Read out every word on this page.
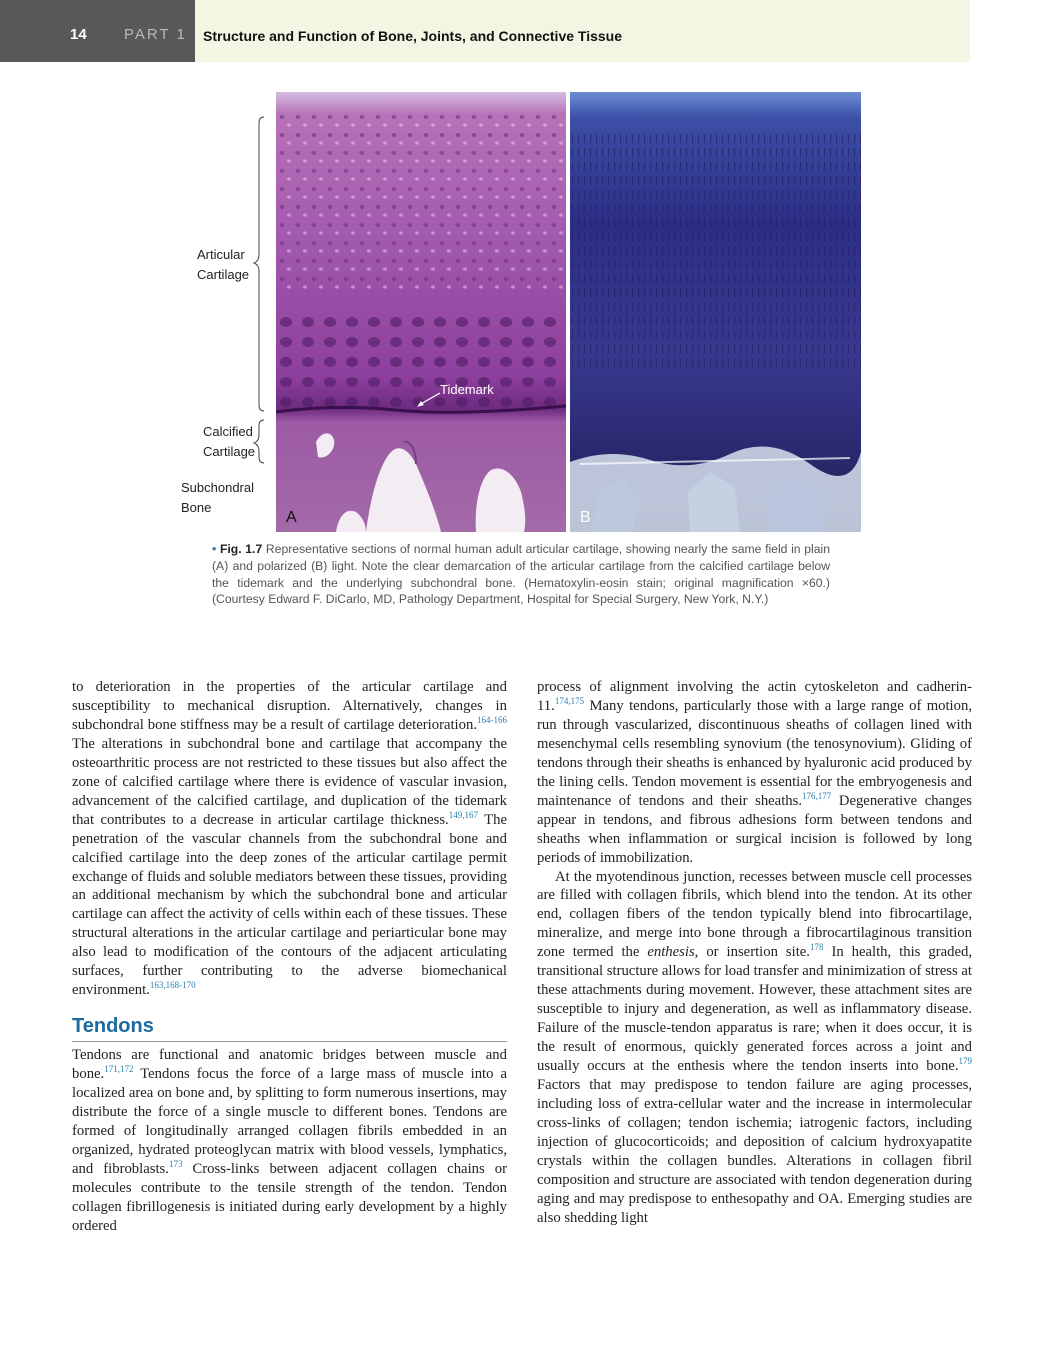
14 PART 1 Structure and Function of Bone, Joints, and Connective Tissue
A	B
Articular
Cartilage
Calcified
Cartilage
Subchondral
Bone
Tidemark
• Fig. 1.7 Representative sections of normal human adult articular cartilage, showing nearly the same field in plain (A) and polarized (B) light. Note the clear demarcation of the articular cartilage from the calcified cartilage below the tidemark and the underlying subchondral bone. (Hematoxylin-eosin stain; original magnification ×60.) (Courtesy Edward F. DiCarlo, MD, Pathology Department, Hospital for Special Surgery, New York, N.Y.)

to deterioration in the properties of the articular cartilage and susceptibility to mechanical disruption. Alternatively, changes in subchondral bone stiffness may be a result of cartilage deterioration.$^{164-166}$ The alterations in subchondral bone and cartilage that accompany the osteoarthritic process are not restricted to these tissues but also affect the zone of calcified cartilage where there is evidence of vascular invasion, advancement of the calcified cartilage, and duplication of the tidemark that contributes to a decrease in articular cartilage thickness.$^{149,167}$ The penetration of the vascular channels from the subchondral bone and calcified cartilage into the deep zones of the articular cartilage permit exchange of fluids and soluble mediators between these tissues, providing an additional mechanism by which the subchondral bone and articular cartilage can affect the activity of cells within each of these tissues. These structural alterations in the articular cartilage and periarticular bone may also lead to modification of the contours of the adjacent articulating surfaces, further contributing to the adverse biomechanical environment.$^{163,168-170}$

Tendons

Tendons are functional and anatomic bridges between muscle and bone.$^{171,172}$ Tendons focus the force of a large mass of muscle into a localized area on bone and, by splitting to form numerous insertions, may distribute the force of a single muscle to different bones. Tendons are formed of longitudinally arranged collagen fibrils embedded in an organized, hydrated proteoglycan matrix with blood vessels, lymphatics, and fibroblasts.$^{173}$ Cross-links between adjacent collagen chains or molecules contribute to the tensile strength of the tendon. Tendon collagen fibrillogenesis is initiated during early development by a highly ordered

process of alignment involving the actin cytoskeleton and cadherin-11.$^{174,175}$ Many tendons, particularly those with a large range of motion, run through vascularized, discontinuous sheaths of collagen lined with mesenchymal cells resembling synovium (the tenosynovium). Gliding of tendons through their sheaths is enhanced by hyaluronic acid produced by the lining cells. Tendon movement is essential for the embryogenesis and maintenance of tendons and their sheaths.$^{176,177}$ Degenerative changes appear in tendons, and fibrous adhesions form between tendons and sheaths when inflammation or surgical incision is followed by long periods of immobilization.

At the myotendinous junction, recesses between muscle cell processes are filled with collagen fibrils, which blend into the tendon. At its other end, collagen fibers of the tendon typically blend into fibrocartilage, mineralize, and merge into bone through a fibrocartilaginous transition zone termed the enthesis, or insertion site.$^{178}$ In health, this graded, transitional structure allows for load transfer and minimization of stress at these attachments during movement. However, these attachment sites are susceptible to injury and degeneration, as well as inflammatory disease. Failure of the muscle-tendon apparatus is rare; when it does occur, it is the result of enormous, quickly generated forces across a joint and usually occurs at the enthesis where the tendon inserts into bone.$^{179}$ Factors that may predispose to tendon failure are aging processes, including loss of extra-cellular water and the increase in intermolecular cross-links of collagen; tendon ischemia; iatrogenic factors, including injection of glucocorticoids; and deposition of calcium hydroxyapatite crystals within the collagen bundles. Alterations in collagen fibril composition and structure are associated with tendon degeneration during aging and may predispose to enthesopathy and OA. Emerging studies are also shedding light
